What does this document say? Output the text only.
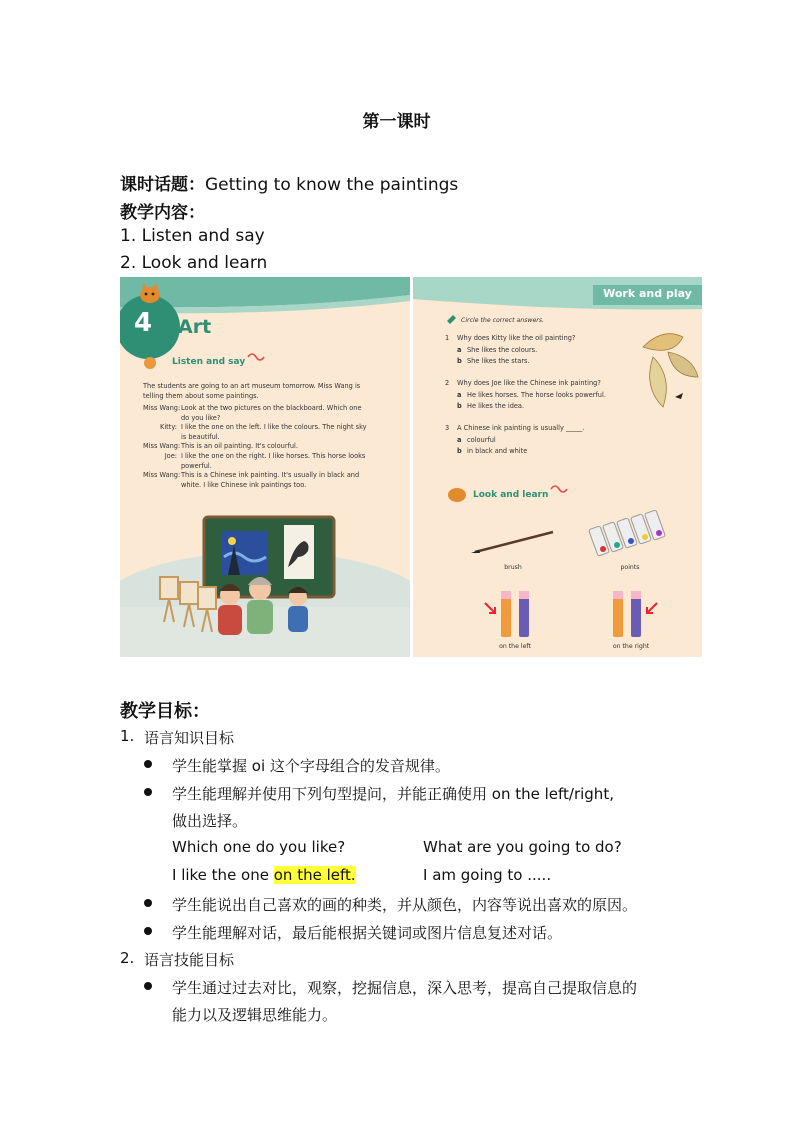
第一课时
课时话题：Getting to know the paintings
教学内容：
1. Listen and say
2. Look and learn
4 Art
Listen and say
The students are going to an art museum tomorrow. Miss Wang is
telling them about some paintings.
Miss Wang: Look at the two pictures on the blackboard. Which one
do you like?
Kitty: I like the one on the left. I like the colours. The night sky
is beautiful.
Miss Wang: This is an oil painting. It's colourful.
Joe: I like the one on the right. I like horses. This horse looks
powerful.
Miss Wang: This is a Chinese ink painting. It's usually in black and
white. I like Chinese ink paintings too.
Work and play
Circle the correct answers.
1 Why does Kitty like the oil painting?
a She likes the colours.
b She likes the stars.
2 Why does Joe like the Chinese ink painting?
a He likes horses. The horse looks powerful.
b He likes the idea.
3 A Chinese ink painting is usually _____.
a colourful
b in black and white
Look and learn
brush	points
on the left	on the right
教学目标：
1. 语言知识目标
学生能掌握 oi 这个字母组合的发音规律。
学生能理解并使用下列句型提问，并能正确使用 on the left/right,
做出选择。
Which one do you like?	What are you going to do?
I like the one on the left.	I am going to .....
学生能说出自己喜欢的画的种类，并从颜色，内容等说出喜欢的原因。
学生能理解对话，最后能根据关键词或图片信息复述对话。
2. 语言技能目标
学生通过过去对比，观察，挖掘信息，深入思考，提高自己提取信息的
能力以及逻辑思维能力。
